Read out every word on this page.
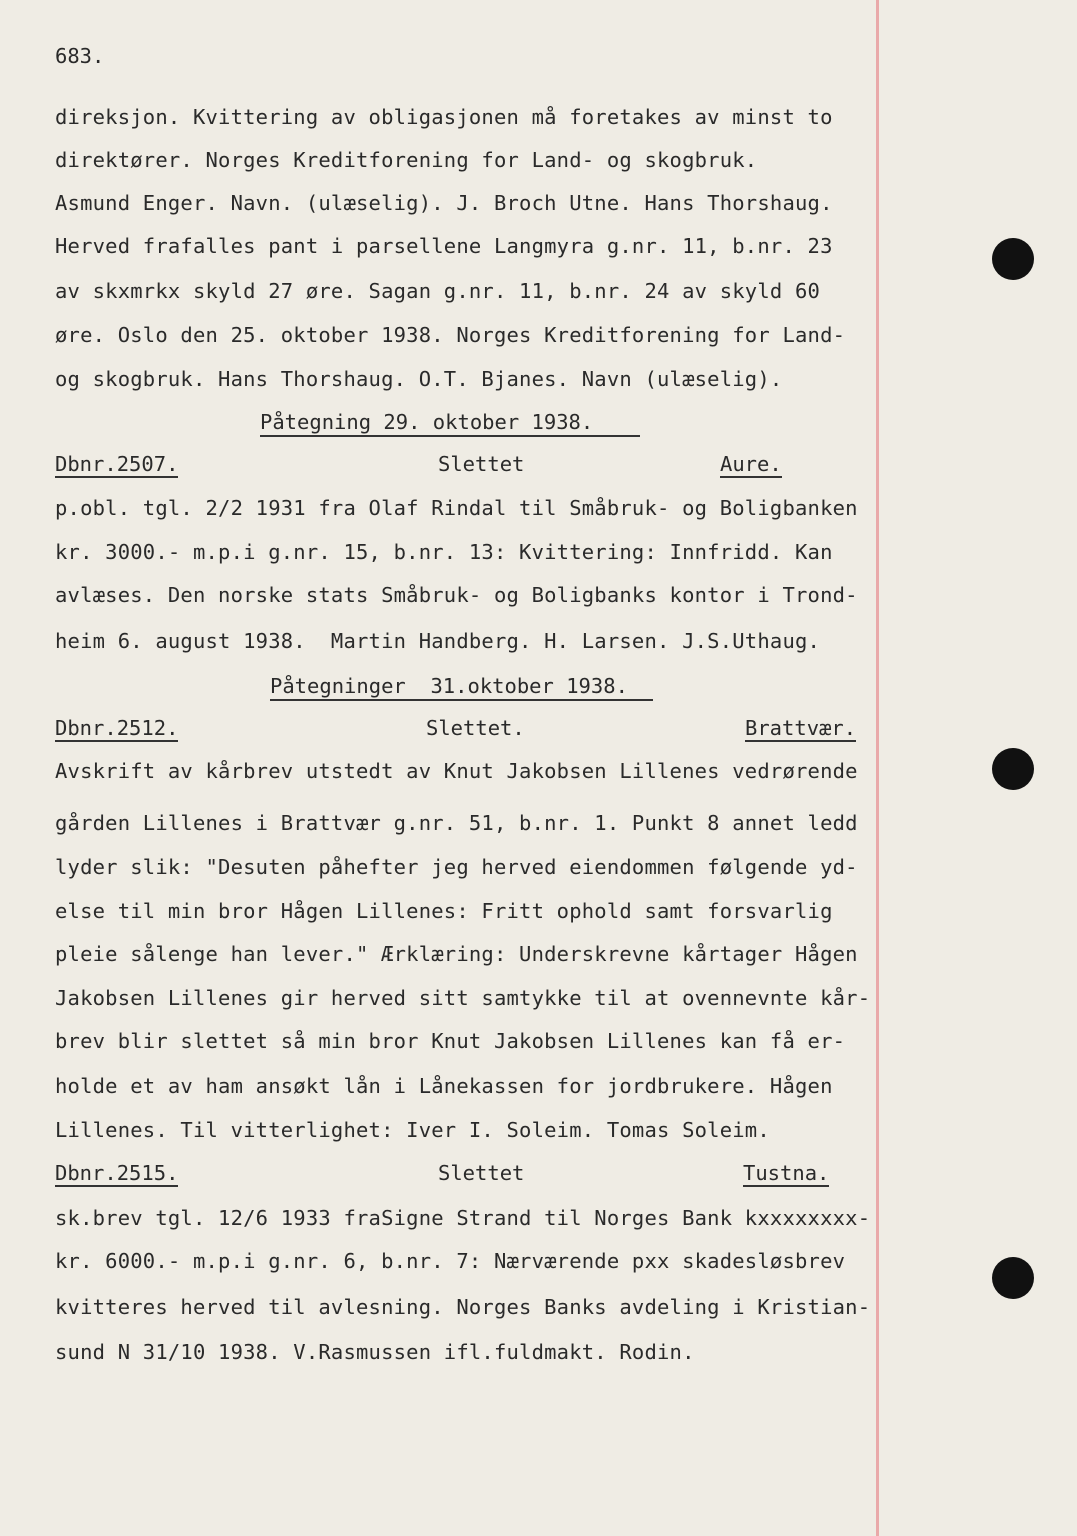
683.
direksjon. Kvittering av obligasjonen må foretakes av minst to
direktører. Norges Kreditforening for Land- og skogbruk.
Asmund Enger. Navn. (ulæselig). J. Broch Utne. Hans Thorshaug.
Herved frafalles pant i parsellene Langmyra g.nr. 11, b.nr. 23
av skxmrkx skyld 27 øre. Sagan g.nr. 11, b.nr. 24 av skyld 60
øre. Oslo den 25. oktober 1938. Norges Kreditforening for Land-
og skogbruk. Hans Thorshaug. O.T. Bjanes. Navn (ulæselig).
Påtegning 29. oktober 1938.
Dbnr.2507.	Slettet	Aure.
p.obl. tgl. 2/2 1931 fra Olaf Rindal til Småbruk- og Boligbanken
kr. 3000.- m.p.i g.nr. 15, b.nr. 13: Kvittering: Innfridd. Kan
avlæses. Den norske stats Småbruk- og Boligbanks kontor i Trond-
heim 6. august 1938.  Martin Handberg. H. Larsen. J.S.Uthaug.
Påtegninger  31.oktober 1938.
Dbnr.2512.	Slettet.	Brattvær.
Avskrift av kårbrev utstedt av Knut Jakobsen Lillenes vedrørende
gården Lillenes i Brattvær g.nr. 51, b.nr. 1. Punkt 8 annet ledd
lyder slik: "Desuten påhefter jeg herved eiendommen følgende yd-
else til min bror Hågen Lillenes: Fritt ophold samt forsvarlig
pleie sålenge han lever." Ærklæring: Underskrevne kårtager Hågen
Jakobsen Lillenes gir herved sitt samtykke til at ovennevnte kår-
brev blir slettet så min bror Knut Jakobsen Lillenes kan få er-
holde et av ham ansøkt lån i Lånekassen for jordbrukere. Hågen
Lillenes. Til vitterlighet: Iver I. Soleim. Tomas Soleim.
Dbnr.2515.	Slettet	Tustna.
sk.brev tgl. 12/6 1933 fraSigne Strand til Norges Bank kxxxxxxxx-
kr. 6000.- m.p.i g.nr. 6, b.nr. 7: Nærværende pxx skadesløsbrev
kvitteres herved til avlesning. Norges Banks avdeling i Kristian-
sund N 31/10 1938. V.Rasmussen ifl.fuldmakt. Rodin.
